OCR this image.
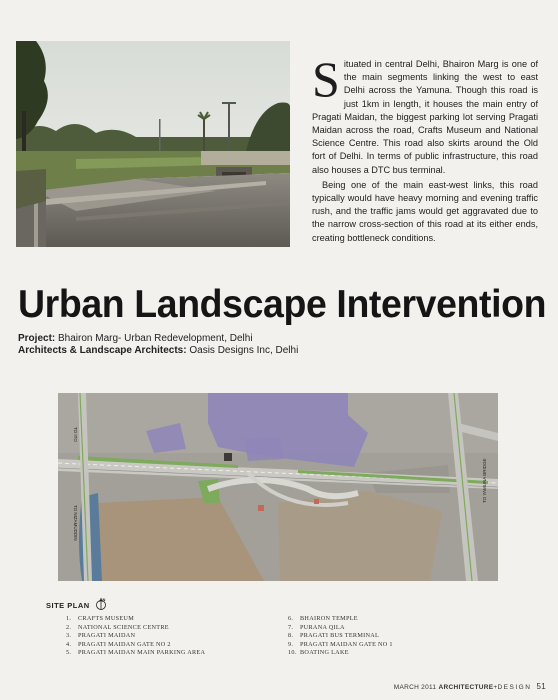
Situated in central Delhi, Bhairon Marg is one of the main segments linking the west to east Delhi across the Yamuna. Though this road is just 1km in length, it houses the main entry of Pragati Maidan, the biggest parking lot serving Pragati Maidan across the road, Crafts Museum and National Science Centre. This road also skirts around the Old fort of Delhi. In terms of public infrastructure, this road also houses a DTC bus terminal.

Being one of the main east-west links, this road typically would have heavy morning and evening traffic rush, and the traffic jams would get aggravated due to the narrow cross-section of this road at its either ends, creating bottleneck conditions.

Urban Landscape Intervention
Project: Bhairon Marg- Urban Redevelopment, Delhi
Architects & Landscape Architects: Oasis Designs Inc, Delhi
TO ITO
TO NIZAMUDDIN
TO YAMUNA BRIDGE
SITE PLAN
N
1. CRAFTS MUSEUM
2. NATIONAL SCIENCE CENTRE
3. PRAGATI MAIDAN
4. PRAGATI MAIDAN GATE NO 2
5. PRAGATI MAIDAN MAIN PARKING AREA
6. BHAIRON TEMPLE
7. PURANA QILA
8. PRAGATI BUS TERMINAL
9. PRAGATI MAIDAN GATE NO 1
10. BOATING LAKE
MARCH 2011 ARCHITECTURE+DESIGN 51
